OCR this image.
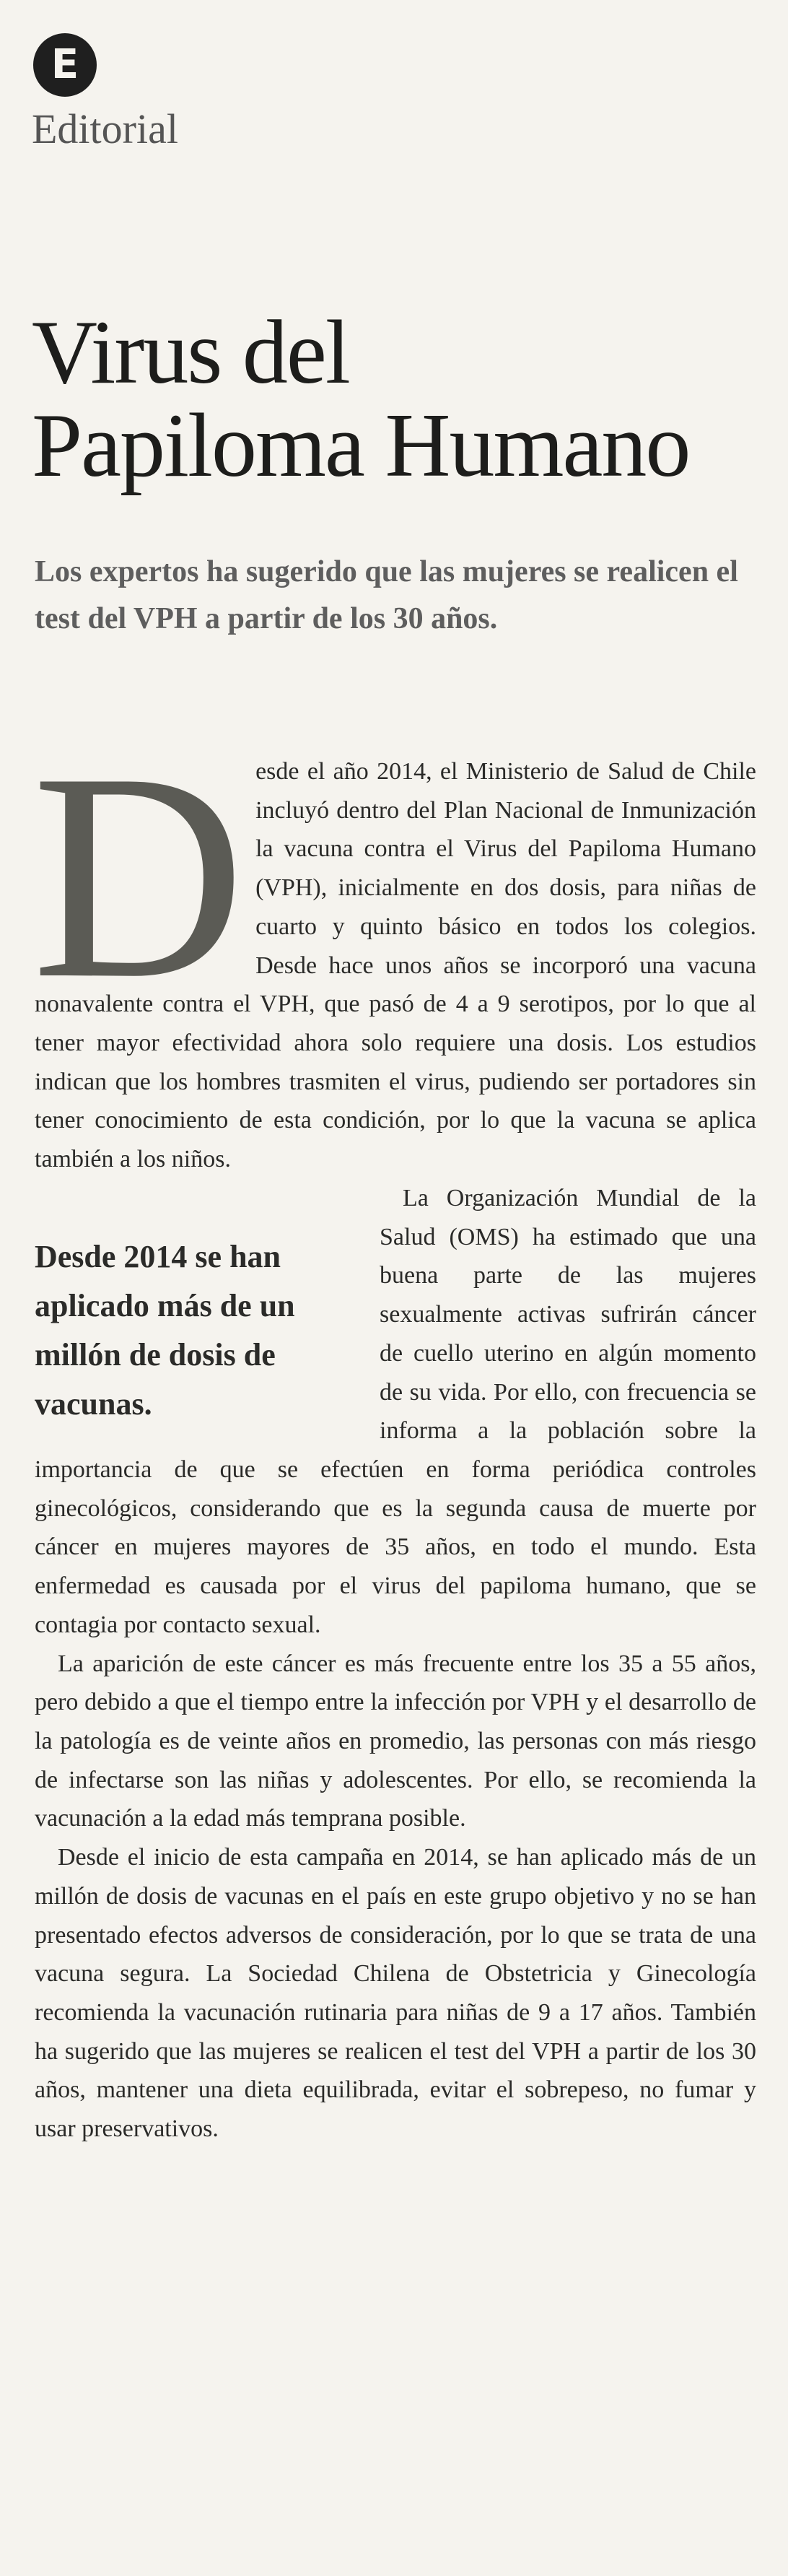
E
Editorial
Virus del
Papiloma Humano
Los expertos ha sugerido que las mujeres se realicen el test del VPH a partir de los 30 años.
D esde el año 2014, el Ministerio de Salud de Chile incluyó dentro del Plan Nacional de Inmunización la vacuna contra el Virus del Papiloma Humano (VPH), inicialmente en dos dosis, para niñas de cuarto y quinto básico en todos los colegios. Desde hace unos años se incorporó una vacuna nonavalente contra el VPH, que pasó de 4 a 9 serotipos, por lo que al tener mayor efectividad ahora solo requiere una dosis. Los estudios indican que los hombres trasmiten el virus, pudiendo ser portadores sin tener conocimiento de esta condición, por lo que la vacuna se aplica también a los niños.

Desde 2014 se han aplicado más de un millón de dosis de vacunas.

La Organización Mundial de la Salud (OMS) ha estimado que una buena parte de las mujeres sexualmente activas sufrirán cáncer de cuello uterino en algún momento de su vida. Por ello, con frecuencia se informa a la población sobre la importancia de que se efectúen en forma periódica controles ginecológicos, considerando que es la segunda causa de muerte por cáncer en mujeres mayores de 35 años, en todo el mundo. Esta enfermedad es causada por el virus del papiloma humano, que se contagia por contacto sexual.

La aparición de este cáncer es más frecuente entre los 35 a 55 años, pero debido a que el tiempo entre la infección por VPH y el desarrollo de la patología es de veinte años en promedio, las personas con más riesgo de infectarse son las niñas y adolescentes. Por ello, se recomienda la vacunación a la edad más temprana posible.

Desde el inicio de esta campaña en 2014, se han aplicado más de un millón de dosis de vacunas en el país en este grupo objetivo y no se han presentado efectos adversos de consideración, por lo que se trata de una vacuna segura. La Sociedad Chilena de Obstetricia y Ginecología recomienda la vacunación rutinaria para niñas de 9 a 17 años. También ha sugerido que las mujeres se realicen el test del VPH a partir de los 30 años, mantener una dieta equilibrada, evitar el sobrepeso, no fumar y usar preservativos.
